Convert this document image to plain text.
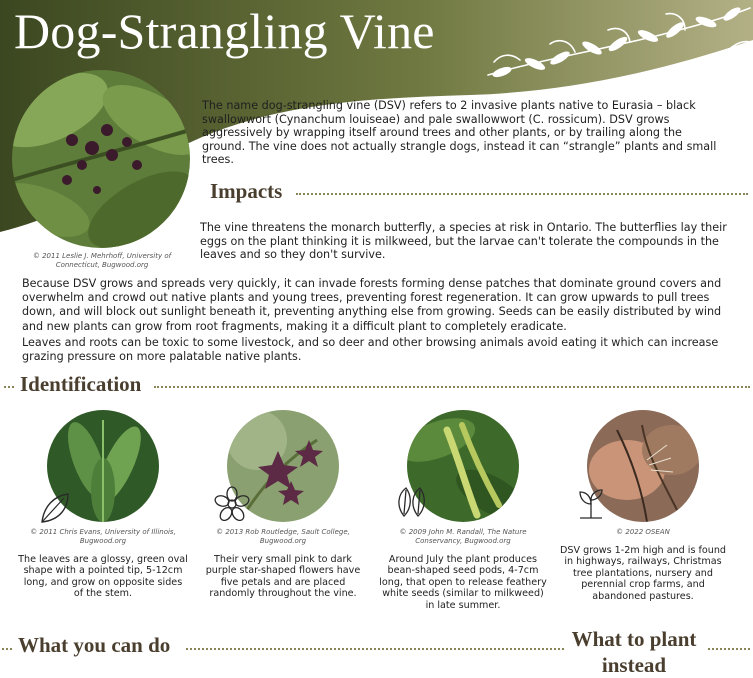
Dog-Strangling Vine
© 2011 Leslie J. Mehrhoff, University of Connecticut, Bugwood.org

The name dog-strangling vine (DSV) refers to 2 invasive plants native to Eurasia – black swallowwort (Cynanchum louiseae) and pale swallowwort (C. rossicum). DSV grows aggressively by wrapping itself around trees and other plants, or by trailing along the ground. The vine does not actually strangle dogs, instead it can “strangle” plants and small trees.

Impacts

The vine threatens the monarch butterfly, a species at risk in Ontario. The butterflies lay their eggs on the plant thinking it is milkweed, but the larvae can't tolerate the compounds in the leaves and so they don't survive.

Because DSV grows and spreads very quickly, it can invade forests forming dense patches that dominate ground covers and overwhelm and crowd out native plants and young trees, preventing forest regeneration. It can grow upwards to pull trees down, and will block out sunlight beneath it, preventing anything else from growing. Seeds can be easily distributed by wind and new plants can grow from root fragments, making it a difficult plant to completely eradicate.

Leaves and roots can be toxic to some livestock, and so deer and other browsing animals avoid eating it which can increase grazing pressure on more palatable native plants.

Identification
© 2011 Chris Evans, University of Illinois, Bugwood.org

The leaves are a glossy, green oval shape with a pointed tip, 5-12cm long, and grow on opposite sides of the stem.

© 2013 Rob Routledge, Sault College, Bugwood.org

Their very small pink to dark purple star-shaped flowers have five petals and are placed randomly throughout the vine.

© 2009 John M. Randall, The Nature Conservancy, Bugwood.org

Around July the plant produces bean-shaped seed pods, 4-7cm long, that open to release feathery white seeds (similar to milkweed) in late summer.

© 2022 OSEAN

DSV grows 1-2m high and is found in highways, railways, Christmas tree plantations, nursery and perennial crop farms, and abandoned pastures.

What you can do	What to plant instead
